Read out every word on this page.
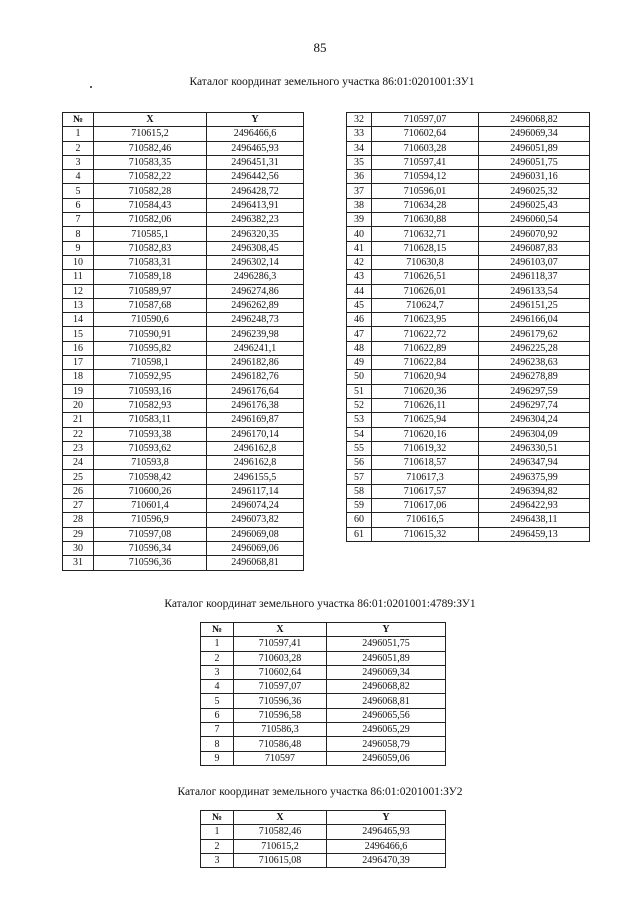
85
Каталог координат земельного участка 86:01:0201001:ЗУ1
№	X	Y
1	710615,2	2496466,6
2	710582,46	2496465,93
3	710583,35	2496451,31
4	710582,22	2496442,56
5	710582,28	2496428,72
6	710584,43	2496413,91
7	710582,06	2496382,23
8	710585,1	2496320,35
9	710582,83	2496308,45
10	710583,31	2496302,14
11	710589,18	2496286,3
12	710589,97	2496274,86
13	710587,68	2496262,89
14	710590,6	2496248,73
15	710590,91	2496239,98
16	710595,82	2496241,1
17	710598,1	2496182,86
18	710592,95	2496182,76
19	710593,16	2496176,64
20	710582,93	2496176,38
21	710583,11	2496169,87
22	710593,38	2496170,14
23	710593,62	2496162,8
24	710593,8	2496162,8
25	710598,42	2496155,5
26	710600,26	2496117,14
27	710601,4	2496074,24
28	710596,9	2496073,82
29	710597,08	2496069,08
30	710596,34	2496069,06
31	710596,36	2496068,81
32	710597,07	2496068,82
33	710602,64	2496069,34
34	710603,28	2496051,89
35	710597,41	2496051,75
36	710594,12	2496031,16
37	710596,01	2496025,32
38	710634,28	2496025,43
39	710630,88	2496060,54
40	710632,71	2496070,92
41	710628,15	2496087,83
42	710630,8	2496103,07
43	710626,51	2496118,37
44	710626,01	2496133,54
45	710624,7	2496151,25
46	710623,95	2496166,04
47	710622,72	2496179,62
48	710622,89	2496225,28
49	710622,84	2496238,63
50	710620,94	2496278,89
51	710620,36	2496297,59
52	710626,11	2496297,74
53	710625,94	2496304,24
54	710620,16	2496304,09
55	710619,32	2496330,51
56	710618,57	2496347,94
57	710617,3	2496375,99
58	710617,57	2496394,82
59	710617,06	2496422,93
60	710616,5	2496438,11
61	710615,32	2496459,13
Каталог координат земельного участка 86:01:0201001:4789:ЗУ1
№	X	Y
1	710597,41	2496051,75
2	710603,28	2496051,89
3	710602,64	2496069,34
4	710597,07	2496068,82
5	710596,36	2496068,81
6	710596,58	2496065,56
7	710586,3	2496065,29
8	710586,48	2496058,79
9	710597	2496059,06
Каталог координат земельного участка 86:01:0201001:ЗУ2
№	X	Y
1	710582,46	2496465,93
2	710615,2	2496466,6
3	710615,08	2496470,39
